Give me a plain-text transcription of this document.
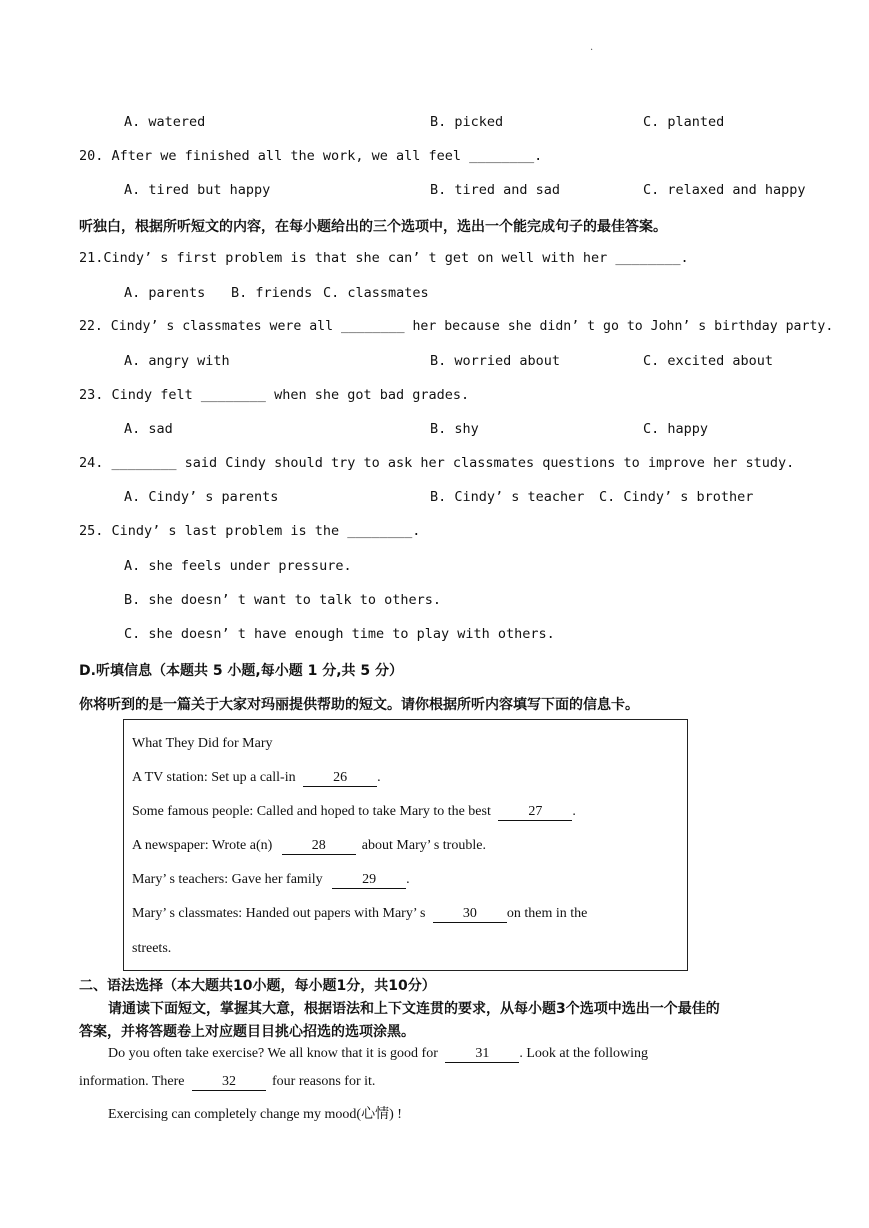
.
A. watered	B. picked	C. planted
20. After we finished all the work, we all feel ________.
A. tired but happy	B. tired and sad	C. relaxed and happy
听独白，根据所听短文的内容，在每小题给出的三个选项中，选出一个能完成句子的最佳答案。
21.Cindy’ s first problem is that she can’ t get on well with her ________.
A. parents B. friends C. classmates
22. Cindy’ s classmates were all ________ her because she didn’ t go to John’ s birthday party.
A. angry with	B. worried about	C. excited about
23. Cindy felt ________ when she got bad grades.
A. sad	B. shy	C. happy
24. ________ said Cindy should try to ask her classmates questions to improve her study.
A. Cindy’ s parents	B. Cindy’ s teacher C. Cindy’ s brother
25. Cindy’ s last problem is the ________.
A. she feels under pressure.
B. she doesn’ t want to talk to others.
C. she doesn’ t have enough time to play with others.
D.听填信息（本题共 5 小题,每小题 1 分,共 5 分）
你将听到的是一篇关于大家对玛丽提供帮助的短文。请你根据所听内容填写下面的信息卡。
What They Did for Mary
A TV station: Set up a call-in	26 .
Some famous people: Called and hoped to take Mary to the best	27 .
A newspaper: Wrote a(n)	28	about Mary’ s trouble.
Mary’ s teachers: Gave her family	29 .
Mary’ s classmates: Handed out papers with Mary’ s	30 on them in the
streets.
二、语法选择（本大题共10小题，每小题1分，共10分）
请通读下面短文，掌握其大意，根据语法和上下文连贯的要求，从每小题3个选项中选出一个最佳的
答案，并将答题卷上对应题目目挑心招选的选项涂黑。
Do you often take exercise? We all know that it is good for	31 . Look at the following
information. There	32	four reasons for it.
Exercising can completely change my mood(心情) !
